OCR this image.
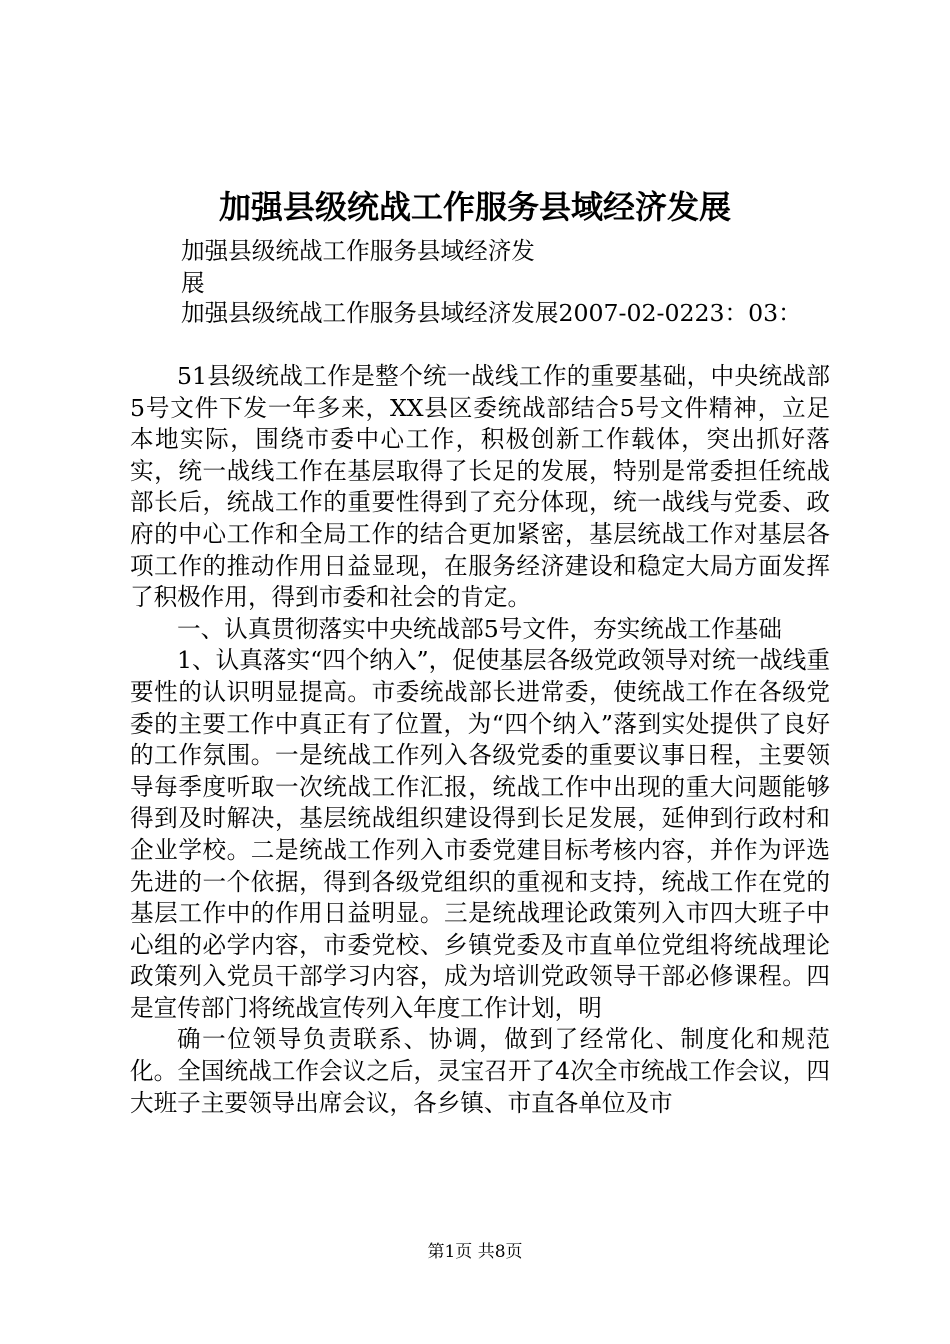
加强县级统战工作服务县域经济发展
加强县级统战工作服务县域经济发
展
加强县级统战工作服务县域经济发展2007-02-0223：03：

51县级统战工作是整个统一战线工作的重要基础，中央统战部5号文件下发一年多来，XX县区委统战部结合5号文件精神，立足本地实际，围绕市委中心工作，积极创新工作载体，突出抓好落实，统一战线工作在基层取得了长足的发展，特别是常委担任统战部长后，统战工作的重要性得到了充分体现，统一战线与党委、政府的中心工作和全局工作的结合更加紧密，基层统战工作对基层各项工作的推动作用日益显现，在服务经济建设和稳定大局方面发挥了积极作用，得到市委和社会的肯定。

一、认真贯彻落实中央统战部5号文件，夯实统战工作基础

1、认真落实“四个纳入”，促使基层各级党政领导对统一战线重要性的认识明显提高。市委统战部长进常委，使统战工作在各级党委的主要工作中真正有了位置，为“四个纳入”落到实处提供了良好的工作氛围。一是统战工作列入各级党委的重要议事日程，主要领导每季度听取一次统战工作汇报，统战工作中出现的重大问题能够得到及时解决，基层统战组织建设得到长足发展，延伸到行政村和企业学校。二是统战工作列入市委党建目标考核内容，并作为评选先进的一个依据，得到各级党组织的重视和支持，统战工作在党的基层工作中的作用日益明显。三是统战理论政策列入市四大班子中心组的必学内容，市委党校、乡镇党委及市直单位党组将统战理论政策列入党员干部学习内容，成为培训党政领导干部必修课程。四是宣传部门将统战宣传列入年度工作计划，明

确一位领导负责联系、协调，做到了经常化、制度化和规范化。全国统战工作会议之后，灵宝召开了4次全市统战工作会议，四大班子主要领导出席会议，各乡镇、市直各单位及市

第1页 共8页
